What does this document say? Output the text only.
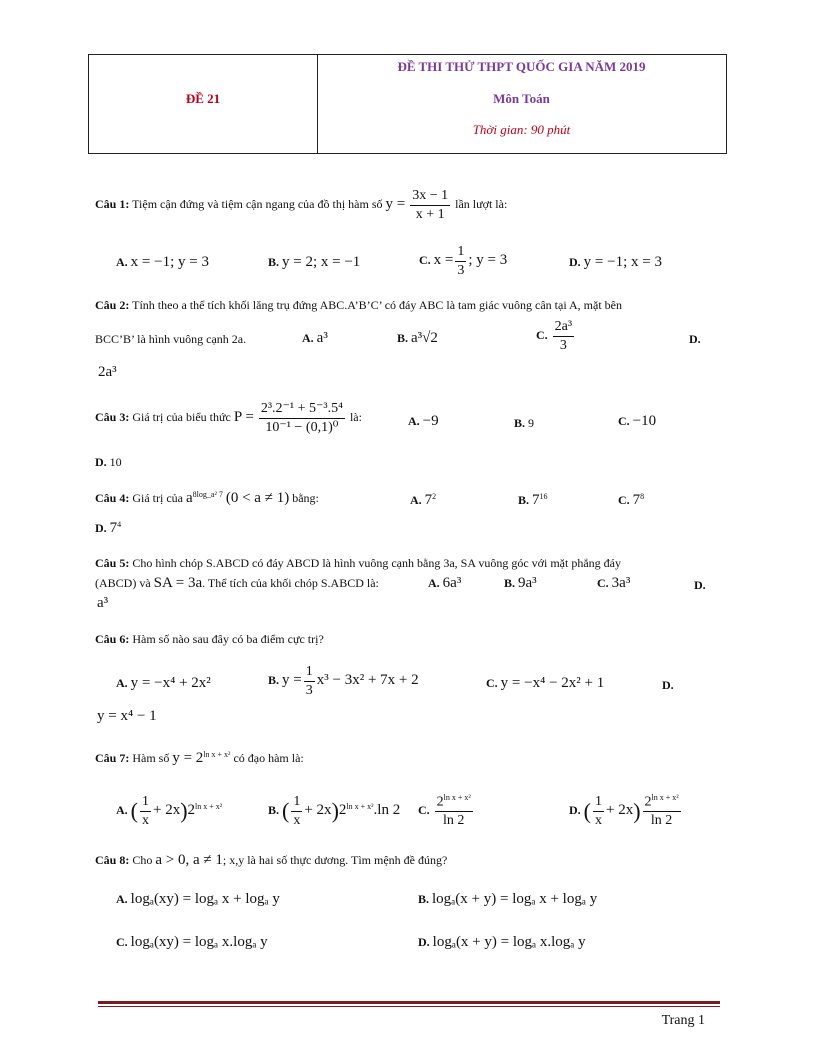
ĐỀ 21
ĐỀ THI THỬ THPT QUỐC GIA NĂM 2019
Môn Toán
Thời gian: 90 phút
Câu 1: Tiệm cận đứng và tiệm cận ngang của đồ thị hàm số $y = \frac{3x - 1}{x + 1}$ lần lượt là:
A. x = −1; y = 3	B. y = 2; x = −1	C. $x = \frac{1}{3}$ ; y = 3	D. y = −1; x = 3
Câu 2: Tính theo a thể tích khối lăng trụ đứng ABC.A’B’C’ có đáy ABC là tam giác vuông cân tại A, mặt bên
BCC’B’ là hình vuông cạnh 2a.	A. a³	B. a³√2	C. $\frac{\text{2a³}}{3}$	D.
2a³
Câu 3: Giá trị của biểu thức $P = \frac{\text{2³.2⁻¹ + 5⁻³.5⁴}}{\text{10⁻¹ − (0,1)⁰}}$ là:	A. −9	B. 9	C. −10
D. 10
Câu 4: Giá trị của $a^{8log\_a^2 7}$ (0 < a ≠ 1) bằng:	A. $7^2$	B. $7^{16}$	C. $7^8$
D. $7^4$
Câu 5: Cho hình chóp S.ABCD có đáy ABCD là hình vuông cạnh bằng 3a, SA vuông góc với mặt phẳng đáy
(ABCD) và SA = 3a. Thể tích của khối chóp S.ABCD là:	A. 6a³	B. 9a³	C. 3a³	D.
a³
Câu 6: Hàm số nào sau đây có ba điểm cực trị?
A. y = −x⁴ + 2x²	B. $y = \frac{1}{3} x^3 - 3x^2 + 7x + 2$	C. y = −x⁴ − 2x² + 1	D.
y = x⁴ − 1
Câu 7: Hàm số $y = 2^{ln x + x^2}$ có đạo hàm là:
A. ( $\frac{1}{x} + 2x)2^{ln x + x^2}$	B. ( $\frac{1}{x} + 2x)2^{ln x + x^2}.\ln$ 2 C. $\frac{2^{ln x + x^2}}{\ln 2}$	D. ( $\frac{1}{x} + 2x) \frac{2^{ln x + x^2}}{\ln 2}$
Câu 8: Cho a > 0, a ≠ 1; x,y là hai số thực dương. Tìm mệnh đề đúng?
A. logₐ(xy) = logₐ x + logₐ y	B. logₐ(x + y) = logₐ x + logₐ y
C. logₐ(xy) = logₐ x.logₐ y	D. logₐ(x + y) = logₐ x.logₐ y
Trang 1
